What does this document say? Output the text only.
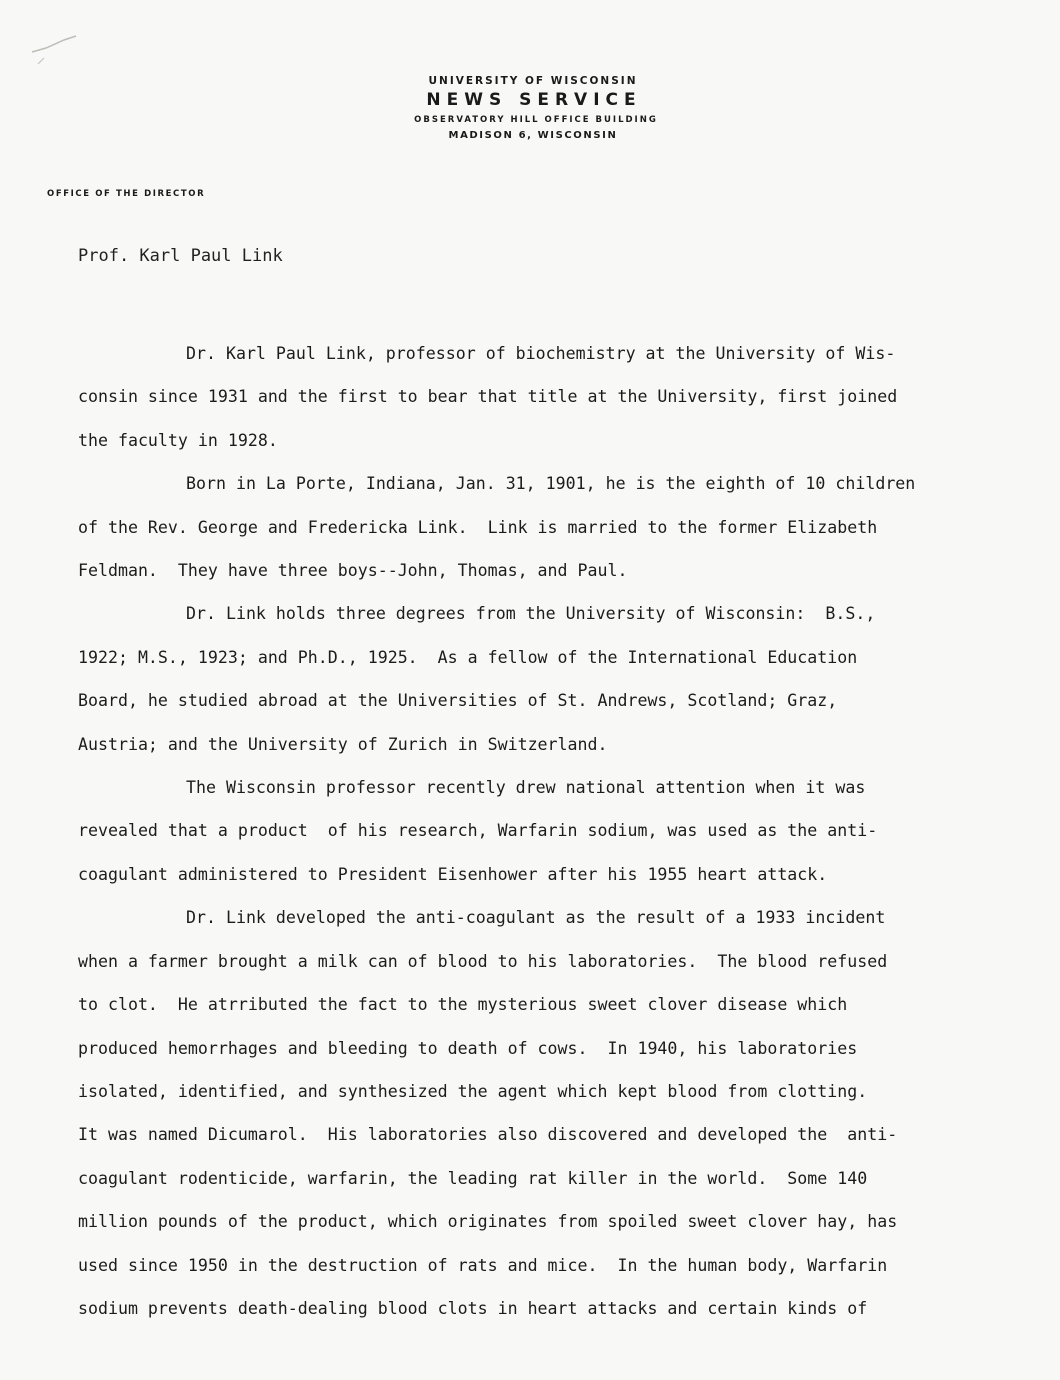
UNIVERSITY OF WISCONSIN
NEWS SERVICE
OBSERVATORY HILL OFFICE BUILDING
MADISON 6, WISCONSIN
OFFICE OF THE DIRECTOR
Prof. Karl Paul Link
Dr. Karl Paul Link, professor of biochemistry at the University of Wis-
consin since 1931 and the first to bear that title at the University, first joined
the faculty in 1928.
Born in La Porte, Indiana, Jan. 31, 1901, he is the eighth of 10 children
of the Rev. George and Fredericka Link.  Link is married to the former Elizabeth
Feldman.  They have three boys--John, Thomas, and Paul.
Dr. Link holds three degrees from the University of Wisconsin:  B.S.,
1922; M.S., 1923; and Ph.D., 1925.  As a fellow of the International Education
Board, he studied abroad at the Universities of St. Andrews, Scotland; Graz,
Austria; and the University of Zurich in Switzerland.
The Wisconsin professor recently drew national attention when it was
revealed that a product  of his research, Warfarin sodium, was used as the anti-
coagulant administered to President Eisenhower after his 1955 heart attack.
Dr. Link developed the anti-coagulant as the result of a 1933 incident
when a farmer brought a milk can of blood to his laboratories.  The blood refused
to clot.  He atrributed the fact to the mysterious sweet clover disease which
produced hemorrhages and bleeding to death of cows.  In 1940, his laboratories
isolated, identified, and synthesized the agent which kept blood from clotting.
It was named Dicumarol.  His laboratories also discovered and developed the  anti-
coagulant rodenticide, warfarin, the leading rat killer in the world.  Some 140
million pounds of the product, which originates from spoiled sweet clover hay, has
used since 1950 in the destruction of rats and mice.  In the human body, Warfarin
sodium prevents death-dealing blood clots in heart attacks and certain kinds of
